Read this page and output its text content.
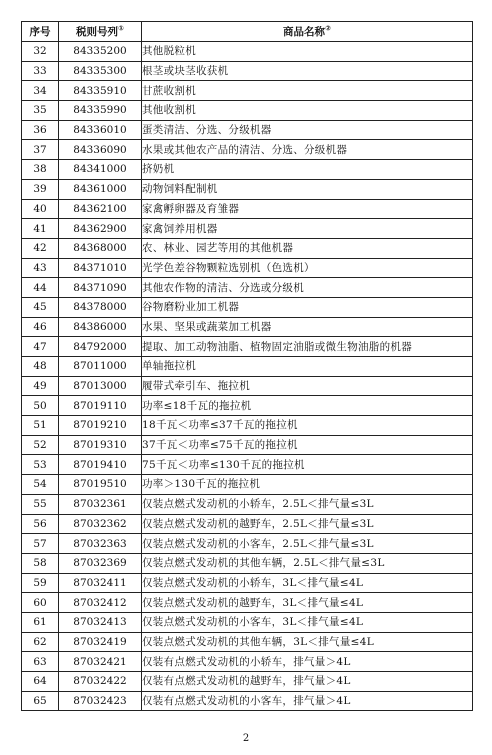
序号	税则号列①	商品名称②
32	84335200	其他脱粒机
33	84335300	根茎或块茎收获机
34	84335910	甘蔗收割机
35	84335990	其他收割机
36	84336010	蛋类清洁、分选、分级机器
37	84336090	水果或其他农产品的清洁、分选、分级机器
38	84341000	挤奶机
39	84361000	动物饲料配制机
40	84362100	家禽孵卵器及育雏器
41	84362900	家禽饲养用机器
42	84368000	农、林业、园艺等用的其他机器
43	84371010	光学色差谷物颗粒选别机（色选机）
44	84371090	其他农作物的清洁、分选或分级机
45	84378000	谷物磨粉业加工机器
46	84386000	水果、坚果或蔬菜加工机器
47	84792000	提取、加工动物油脂、植物固定油脂或微生物油脂的机器
48	87011000	单轴拖拉机
49	87013000	履带式牵引车、拖拉机
50	87019110	功率≤18千瓦的拖拉机
51	87019210	18千瓦＜功率≤37千瓦的拖拉机
52	87019310	37千瓦＜功率≤75千瓦的拖拉机
53	87019410	75千瓦＜功率≤130千瓦的拖拉机
54	87019510	功率＞130千瓦的拖拉机
55	87032361	仅装点燃式发动机的小轿车，2.5L＜排气量≤3L
56	87032362	仅装点燃式发动机的越野车，2.5L＜排气量≤3L
57	87032363	仅装点燃式发动机的小客车，2.5L＜排气量≤3L
58	87032369	仅装点燃式发动机的其他车辆，2.5L＜排气量≤3L
59	87032411	仅装点燃式发动机的小轿车，3L＜排气量≤4L
60	87032412	仅装点燃式发动机的越野车，3L＜排气量≤4L
61	87032413	仅装点燃式发动机的小客车，3L＜排气量≤4L
62	87032419	仅装点燃式发动机的其他车辆，3L＜排气量≤4L
63	87032421	仅装有点燃式发动机的小轿车，排气量＞4L
64	87032422	仅装有点燃式发动机的越野车，排气量＞4L
65	87032423	仅装有点燃式发动机的小客车，排气量＞4L
2
